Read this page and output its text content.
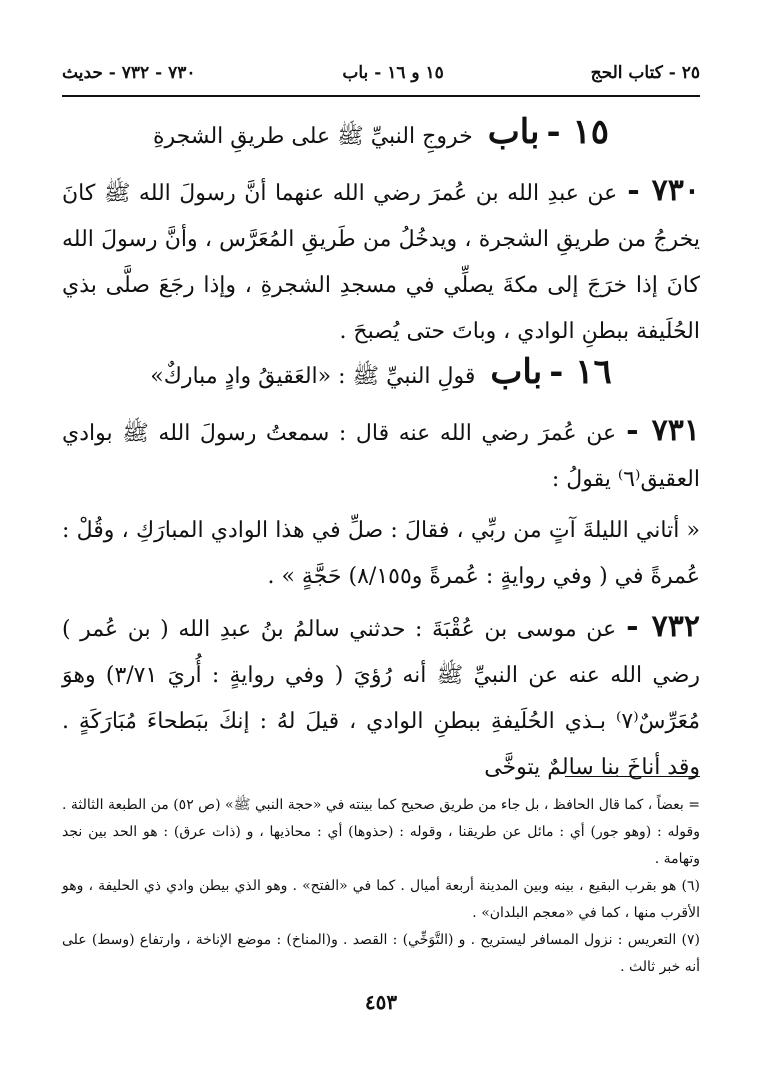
٢٥ - كتاب الحج
١٥ و ١٦ - باب
٧٣٠ - ٧٣٢ - حديث
١٥ - باب خروجِ النبيِّ ﷺ على طريقِ الشجرةِ
٧٣٠ -عن عبدِ الله بن عُمرَ رضي الله عنهما أنَّ رسولَ الله ﷺ كانَ يخرجُ من طريقِ الشجرة ، ويدخُلُ من طَريقِ المُعَرَّس ، وأنَّ رسولَ الله كانَ إذا خرَجَ إلى مكةَ يصلِّي في مسجدِ الشجرةِ ، وإذا رجَعَ صلَّى بذي الحُلَيفة ببطنِ الوادي ، وباتَ حتى يُصبحَ .
١٦ - باب قولِ النبيِّ ﷺ : «العَقيقُ وادٍ مباركٌ»
٧٣١ -عن عُمرَ رضي الله عنه قال : سمعتُ رسولَ الله ﷺ بوادي العقيق⁽٦⁾ يقولُ :
« أتاني الليلةَ آتٍ من ربِّي ، فقالَ : صلِّ في هذا الوادي المبارَكِ ، وقُلْ : عُمرةً في ( وفي روايةٍ : عُمرةً و٨/١٥٥) حَجَّةٍ » .
٧٣٢ -عن موسى بن عُقْبَةَ : حدثني سالمُ بنُ عبدِ الله ( بن عُمر ) رضي الله عنه عن النبيِّ ﷺ أنه رُؤيَ ( وفي روايةٍ : أُريَ ٣/٧١) وهوَ مُعَرِّسٌ⁽٧⁾ بـذي الحُلَيفةِ ببطنِ الوادي ، قيلَ لهُ : إنكَ ببَطحاءَ مُبَارَكَةٍ . وقد أناخَ بنا سالمٌ يتوخَّى

= بعضاً ، كما قال الحافظ ، بل جاء من طريق صحيح كما بينته في «حجة النبي ﷺ» (ص ٥٢) من الطبعة الثالثة . وقوله : (وهو جور) أي : مائل عن طريقنا ، وقوله : (حذوها) أي : محاذيها ، و (ذات عرق) : هو الحد بين نجد وتهامة .

(٦) هو بقرب البقيع ، بينه وبين المدينة أربعة أميال . كما في «الفتح» . وهو الذي بيطن وادي ذي الحليفة ، وهو الأقرب منها ، كما في «معجم البلدان» .

(٧) التعريس : نزول المسافر ليستريح . و (التَّوَخِّي) : القصد . و(المناخ) : موضع الإناخة ، وارتفاع (وسط) على أنه خبر ثالث .

٤٥٣
